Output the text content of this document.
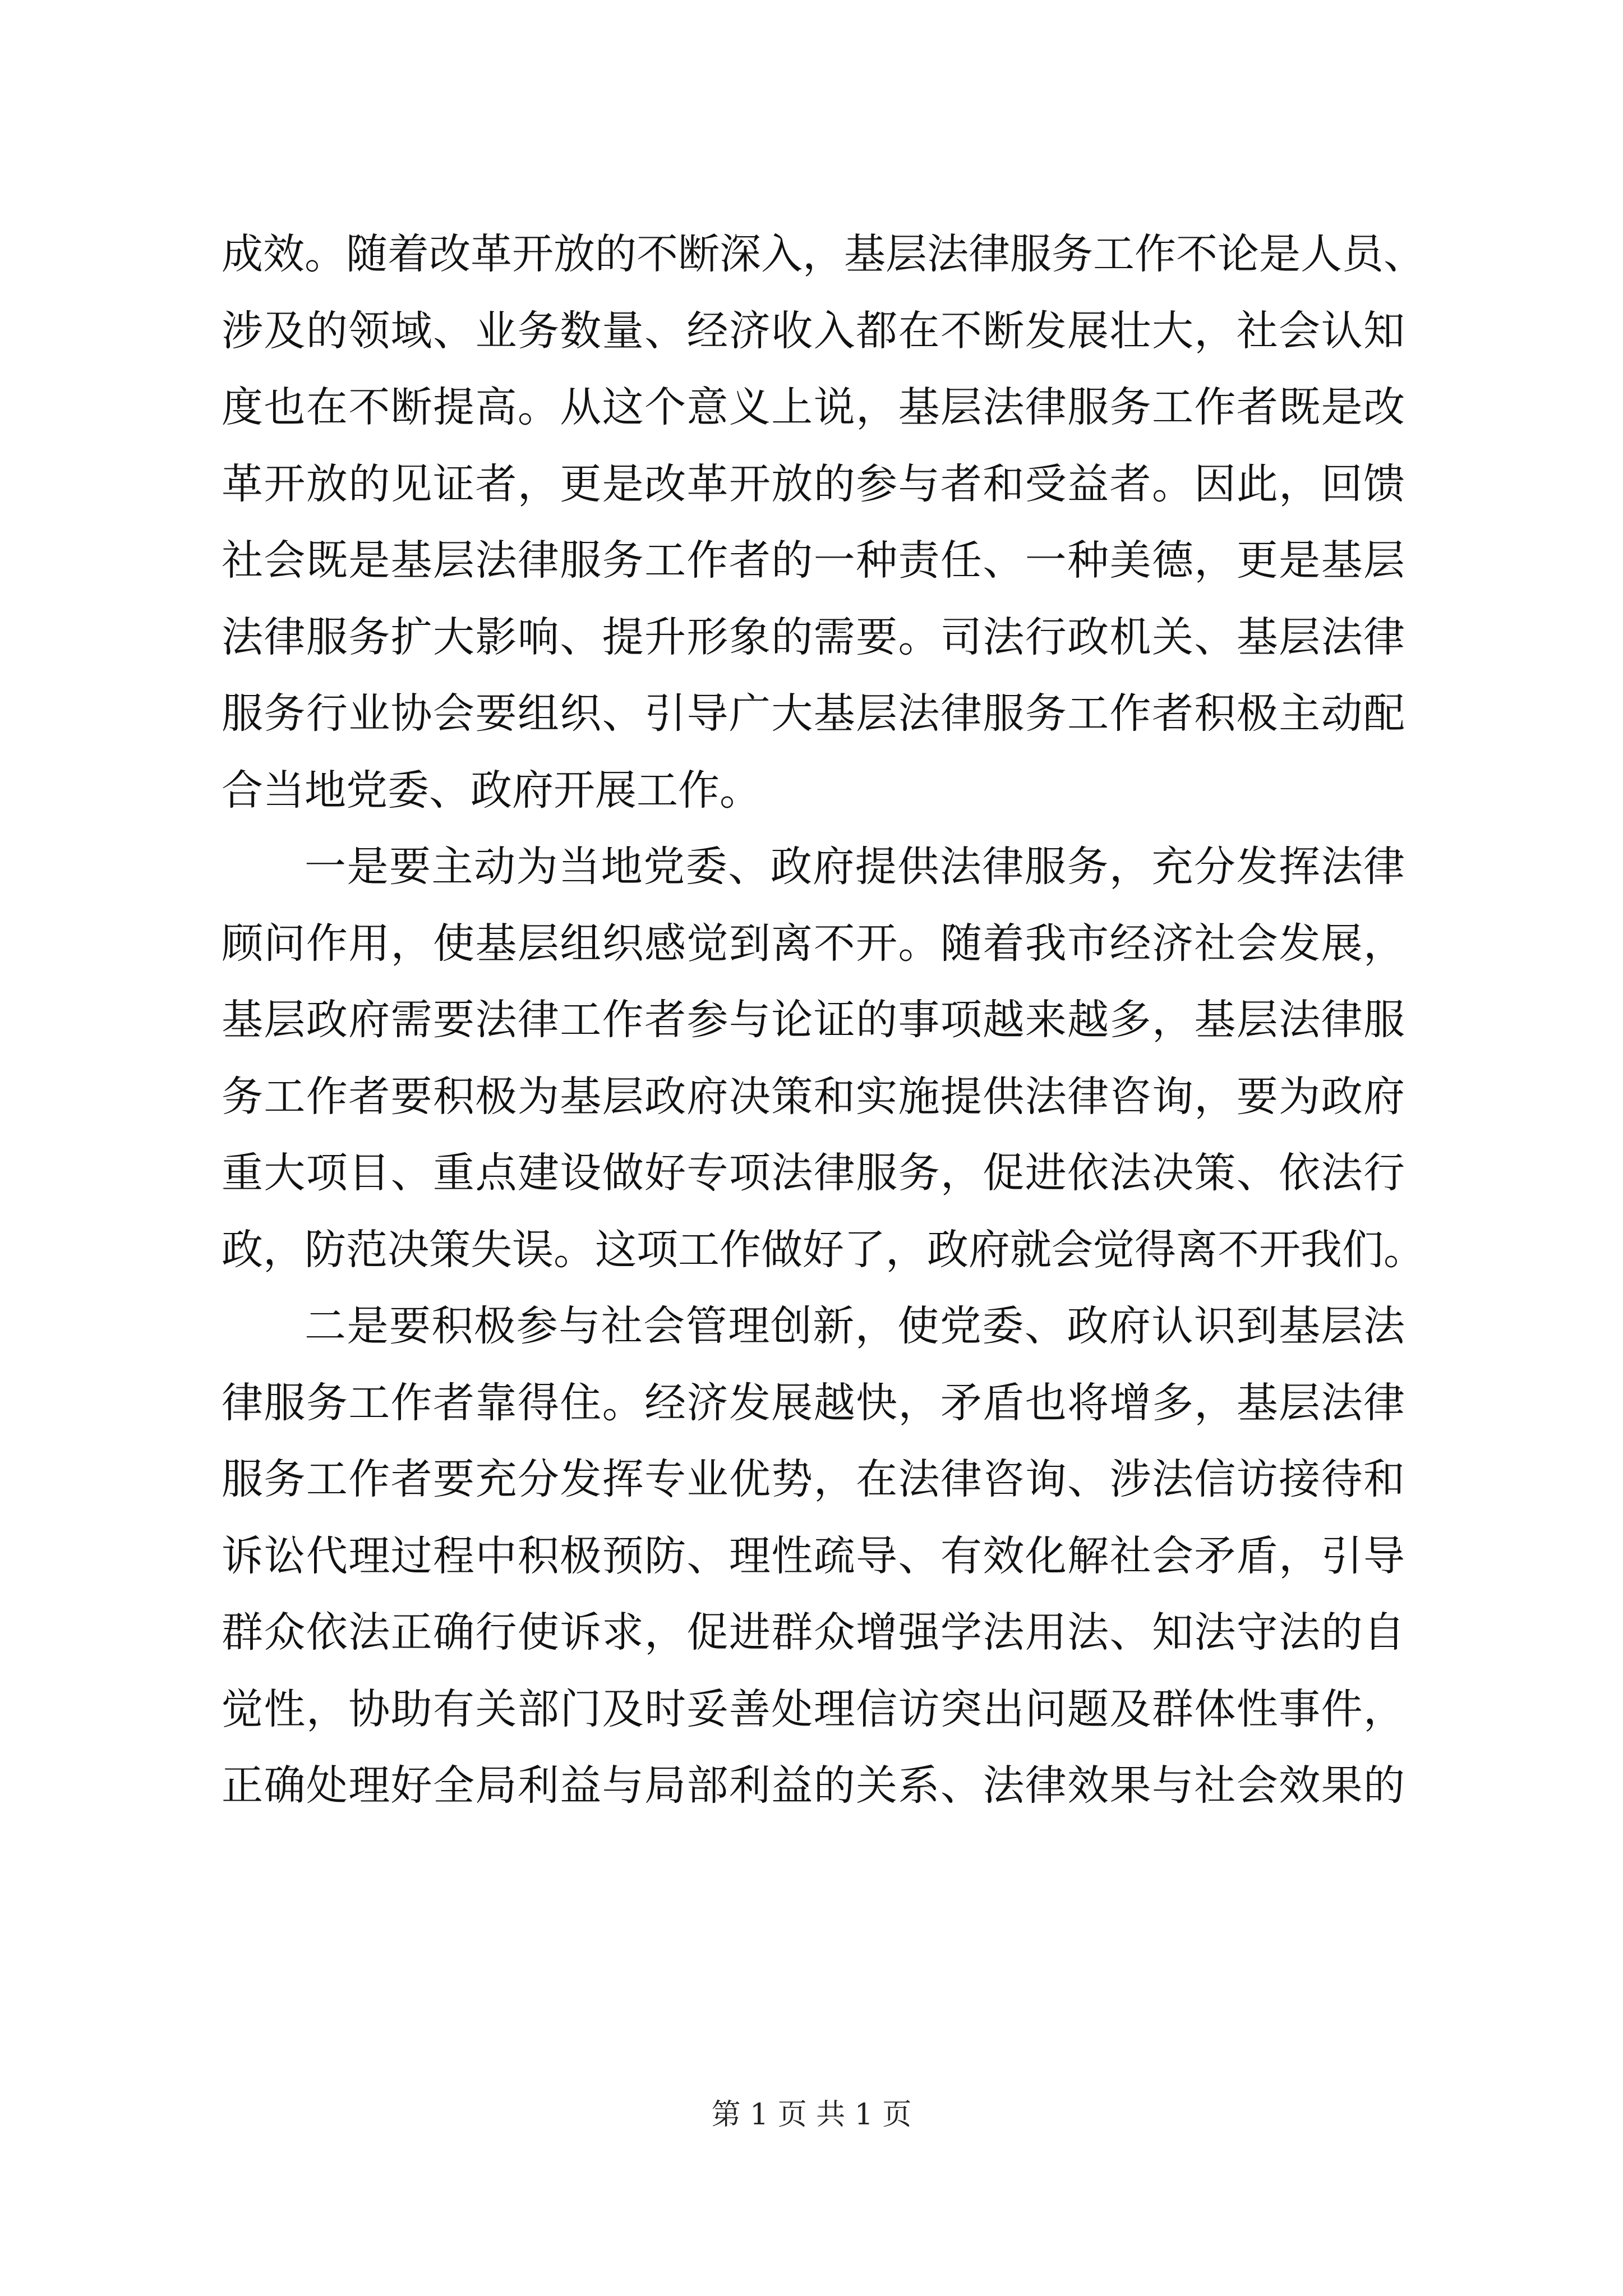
成效。随着改革开放的不断深入，基层法律服务工作不论是人员、
涉及的领域、业务数量、经济收入都在不断发展壮大，社会认知
度也在不断提高。从这个意义上说，基层法律服务工作者既是改
革开放的见证者，更是改革开放的参与者和受益者。因此，回馈
社会既是基层法律服务工作者的一种责任、一种美德，更是基层
法律服务扩大影响、提升形象的需要。司法行政机关、基层法律
服务行业协会要组织、引导广大基层法律服务工作者积极主动配
合当地党委、政府开展工作。
一是要主动为当地党委、政府提供法律服务，充分发挥法律
顾问作用，使基层组织感觉到离不开。随着我市经济社会发展，
基层政府需要法律工作者参与论证的事项越来越多，基层法律服
务工作者要积极为基层政府决策和实施提供法律咨询，要为政府
重大项目、重点建设做好专项法律服务，促进依法决策、依法行
政，防范决策失误。这项工作做好了，政府就会觉得离不开我们。
二是要积极参与社会管理创新，使党委、政府认识到基层法
律服务工作者靠得住。经济发展越快，矛盾也将增多，基层法律
服务工作者要充分发挥专业优势，在法律咨询、涉法信访接待和
诉讼代理过程中积极预防、理性疏导、有效化解社会矛盾，引导
群众依法正确行使诉求，促进群众增强学法用法、知法守法的自
觉性，协助有关部门及时妥善处理信访突出问题及群体性事件，
正确处理好全局利益与局部利益的关系、法律效果与社会效果的
第 1 页 共 1 页
